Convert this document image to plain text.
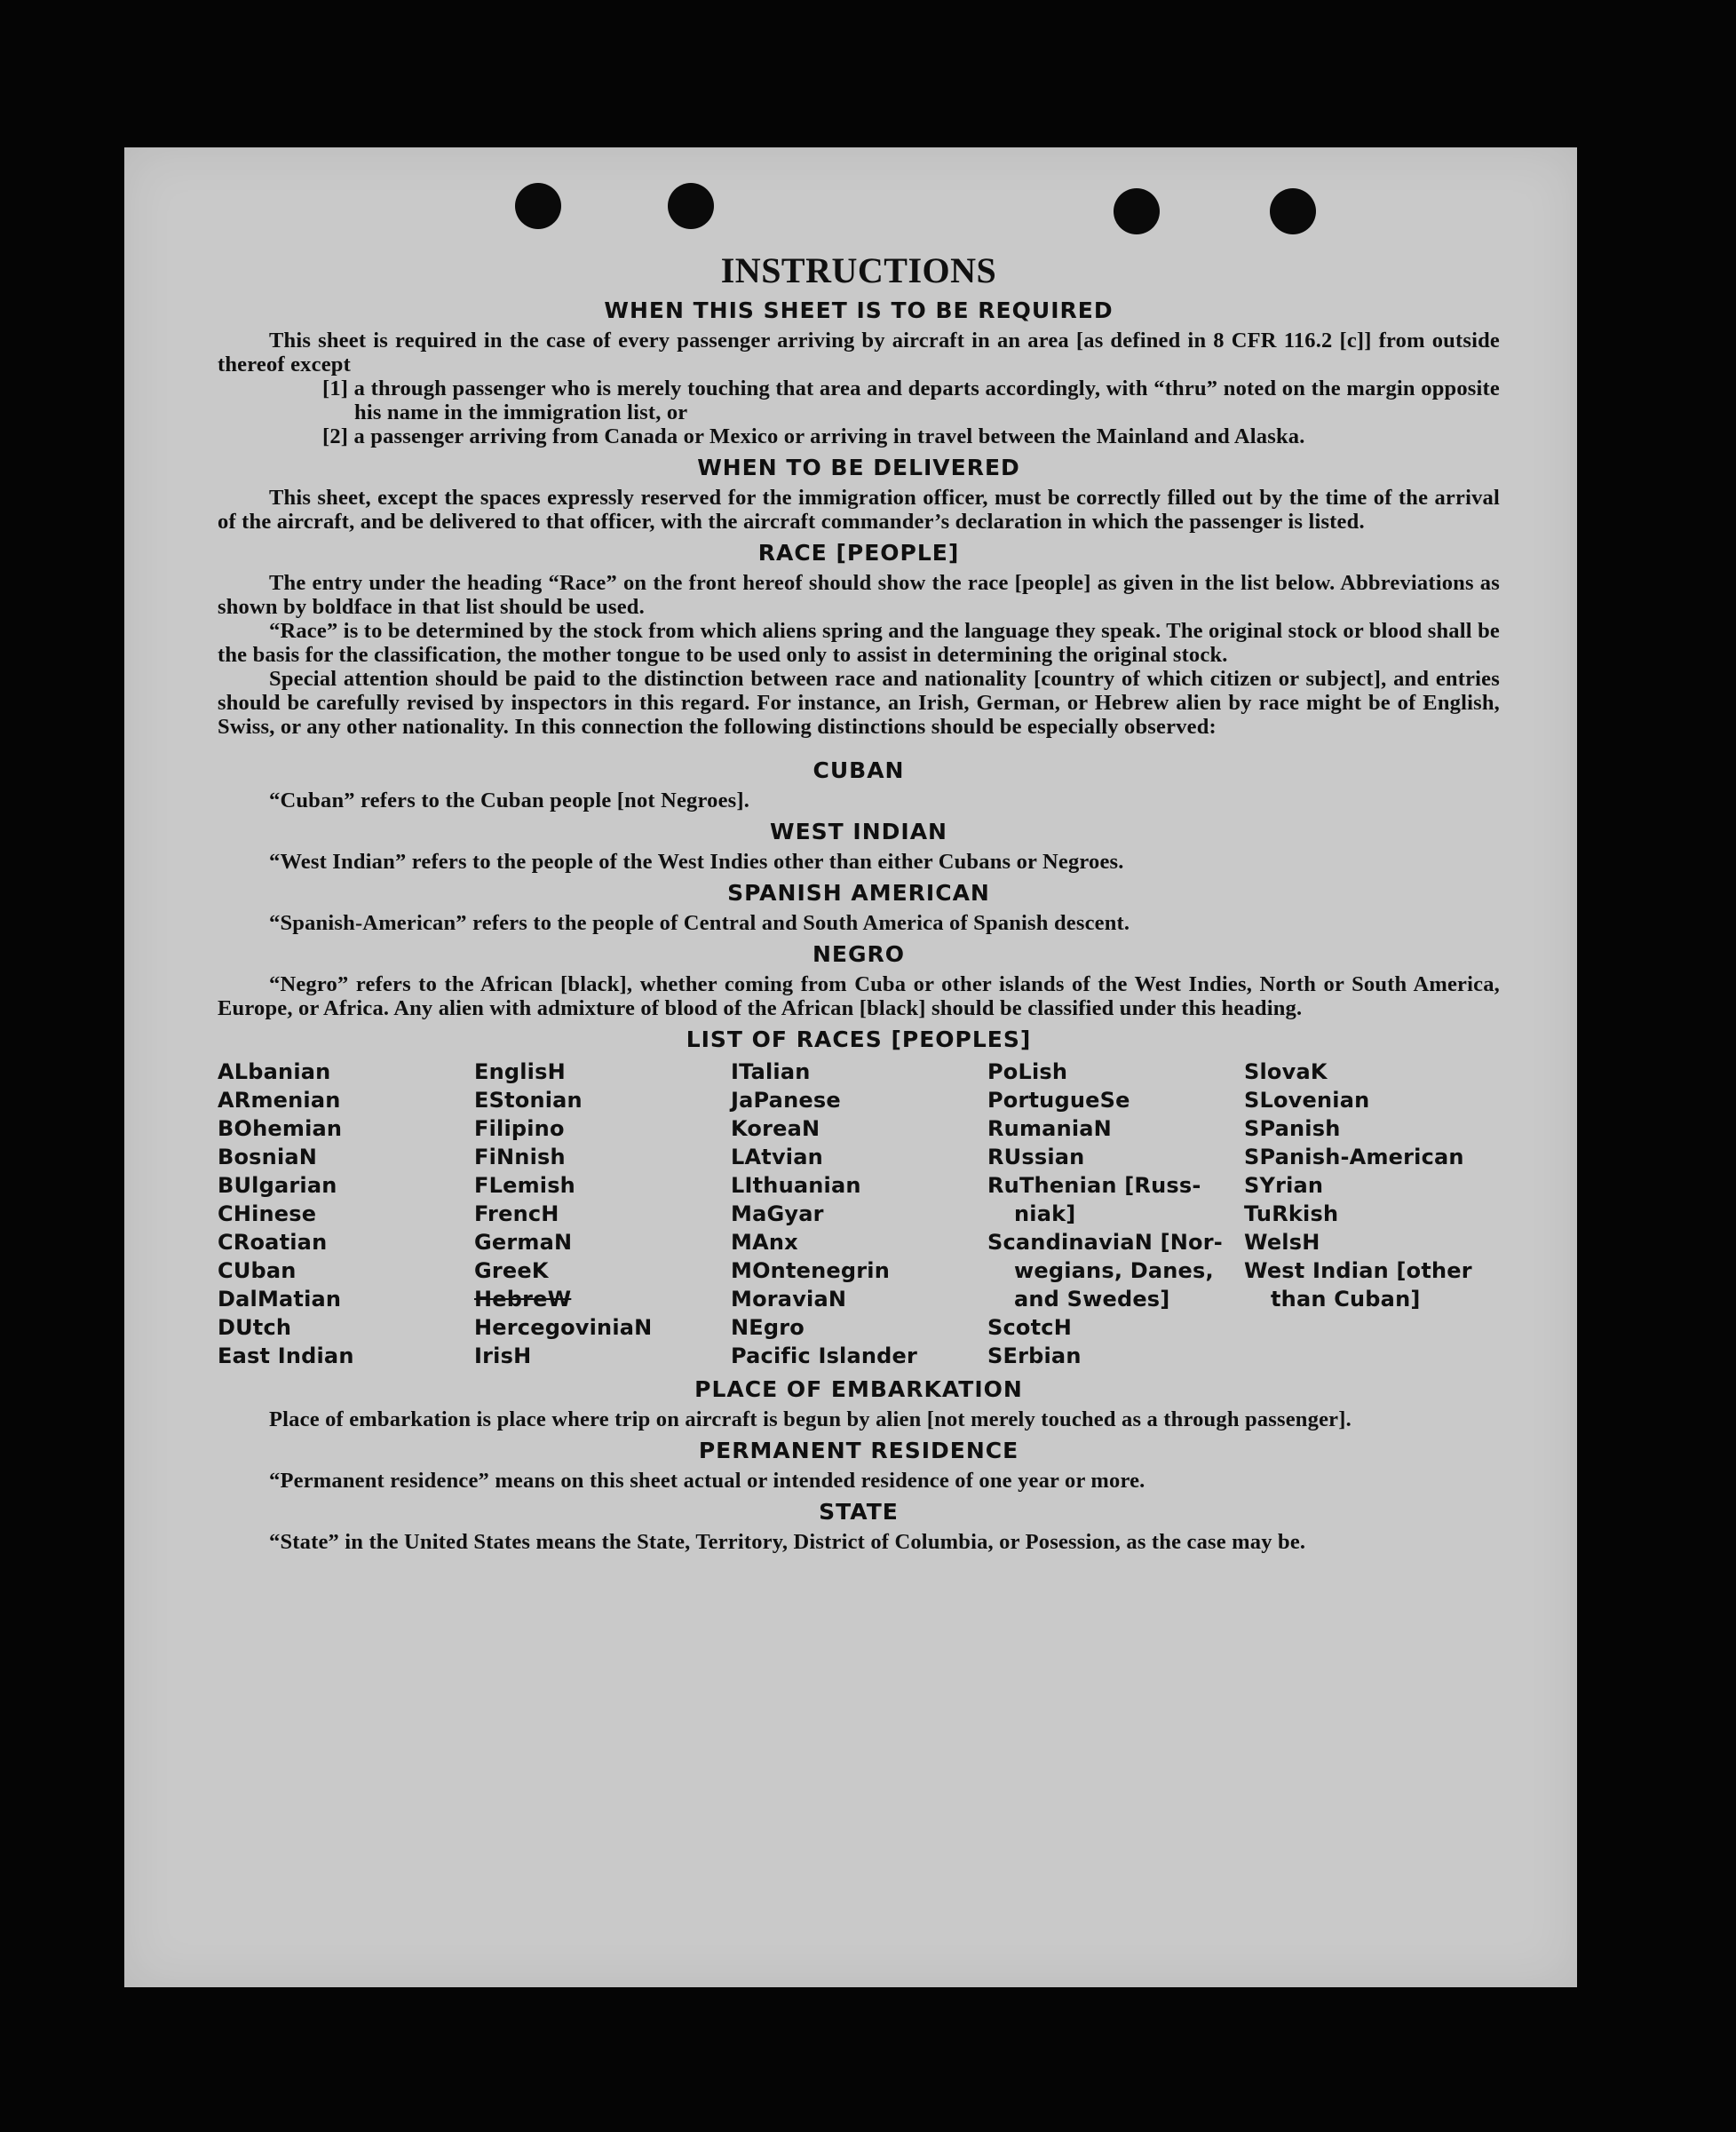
INSTRUCTIONS
WHEN THIS SHEET IS TO BE REQUIRED

This sheet is required in the case of every passenger arriving by aircraft in an area [as defined in 8 CFR 116.2 [c]] from outside thereof except

[1] a through passenger who is merely touching that area and departs accordingly, with “thru” noted on the margin opposite his name in the immigration list, or
[2] a passenger arriving from Canada or Mexico or arriving in travel between the Mainland and Alaska.
WHEN TO BE DELIVERED

This sheet, except the spaces expressly reserved for the immigration officer, must be correctly filled out by the time of the arrival of the aircraft, and be delivered to that officer, with the aircraft commander’s declaration in which the passenger is listed.

RACE [PEOPLE]

The entry under the heading “Race” on the front hereof should show the race [people] as given in the list below. Abbreviations as shown by boldface in that list should be used.

“Race” is to be determined by the stock from which aliens spring and the language they speak. The original stock or blood shall be the basis for the classification, the mother tongue to be used only to assist in determining the original stock.

Special attention should be paid to the distinction between race and nationality [country of which citizen or subject], and entries should be carefully revised by inspectors in this regard. For instance, an Irish, German, or Hebrew alien by race might be of English, Swiss, or any other nationality. In this connection the following distinctions should be especially observed:

CUBAN

“Cuban” refers to the Cuban people [not Negroes].

WEST INDIAN

“West Indian” refers to the people of the West Indies other than either Cubans or Negroes.

SPANISH AMERICAN

“Spanish-American” refers to the people of Central and South America of Spanish descent.

NEGRO

“Negro” refers to the African [black], whether coming from Cuba or other islands of the West Indies, North or South America, Europe, or Africa. Any alien with admixture of blood of the African [black] should be classified under this heading.

LIST OF RACES [PEOPLES]
ALbanian
ARmenian
BOhemian
BosniaN
BUlgarian
CHinese
CRoatian
CUban
DalMatian
DUtch
East Indian
EnglisH
EStonian
Filipino
FiNnish
FLemish
FrencH
GermaN
GreeK
HebreW
HercegoviniaN
IrisH
ITalian
JaPanese
KoreaN
LAtvian
LIthuanian
MaGyar
MAnx
MOntenegrin
MoraviaN
NEgro
Pacific Islander
PoLish
PortugueSe
RumaniaN
RUssian
RuThenian [Russ-
niak]
ScandinaviaN [Nor-
wegians, Danes,
and Swedes]
ScotcH
SErbian
SlovaK
SLovenian
SPanish
SPanish-American
SYrian
TuRkish
WelsH
West Indian [other
than Cuban]
PLACE OF EMBARKATION

Place of embarkation is place where trip on aircraft is begun by alien [not merely touched as a through passenger].

PERMANENT RESIDENCE

“Permanent residence” means on this sheet actual or intended residence of one year or more.

STATE

“State” in the United States means the State, Territory, District of Columbia, or Posession, as the case may be.
